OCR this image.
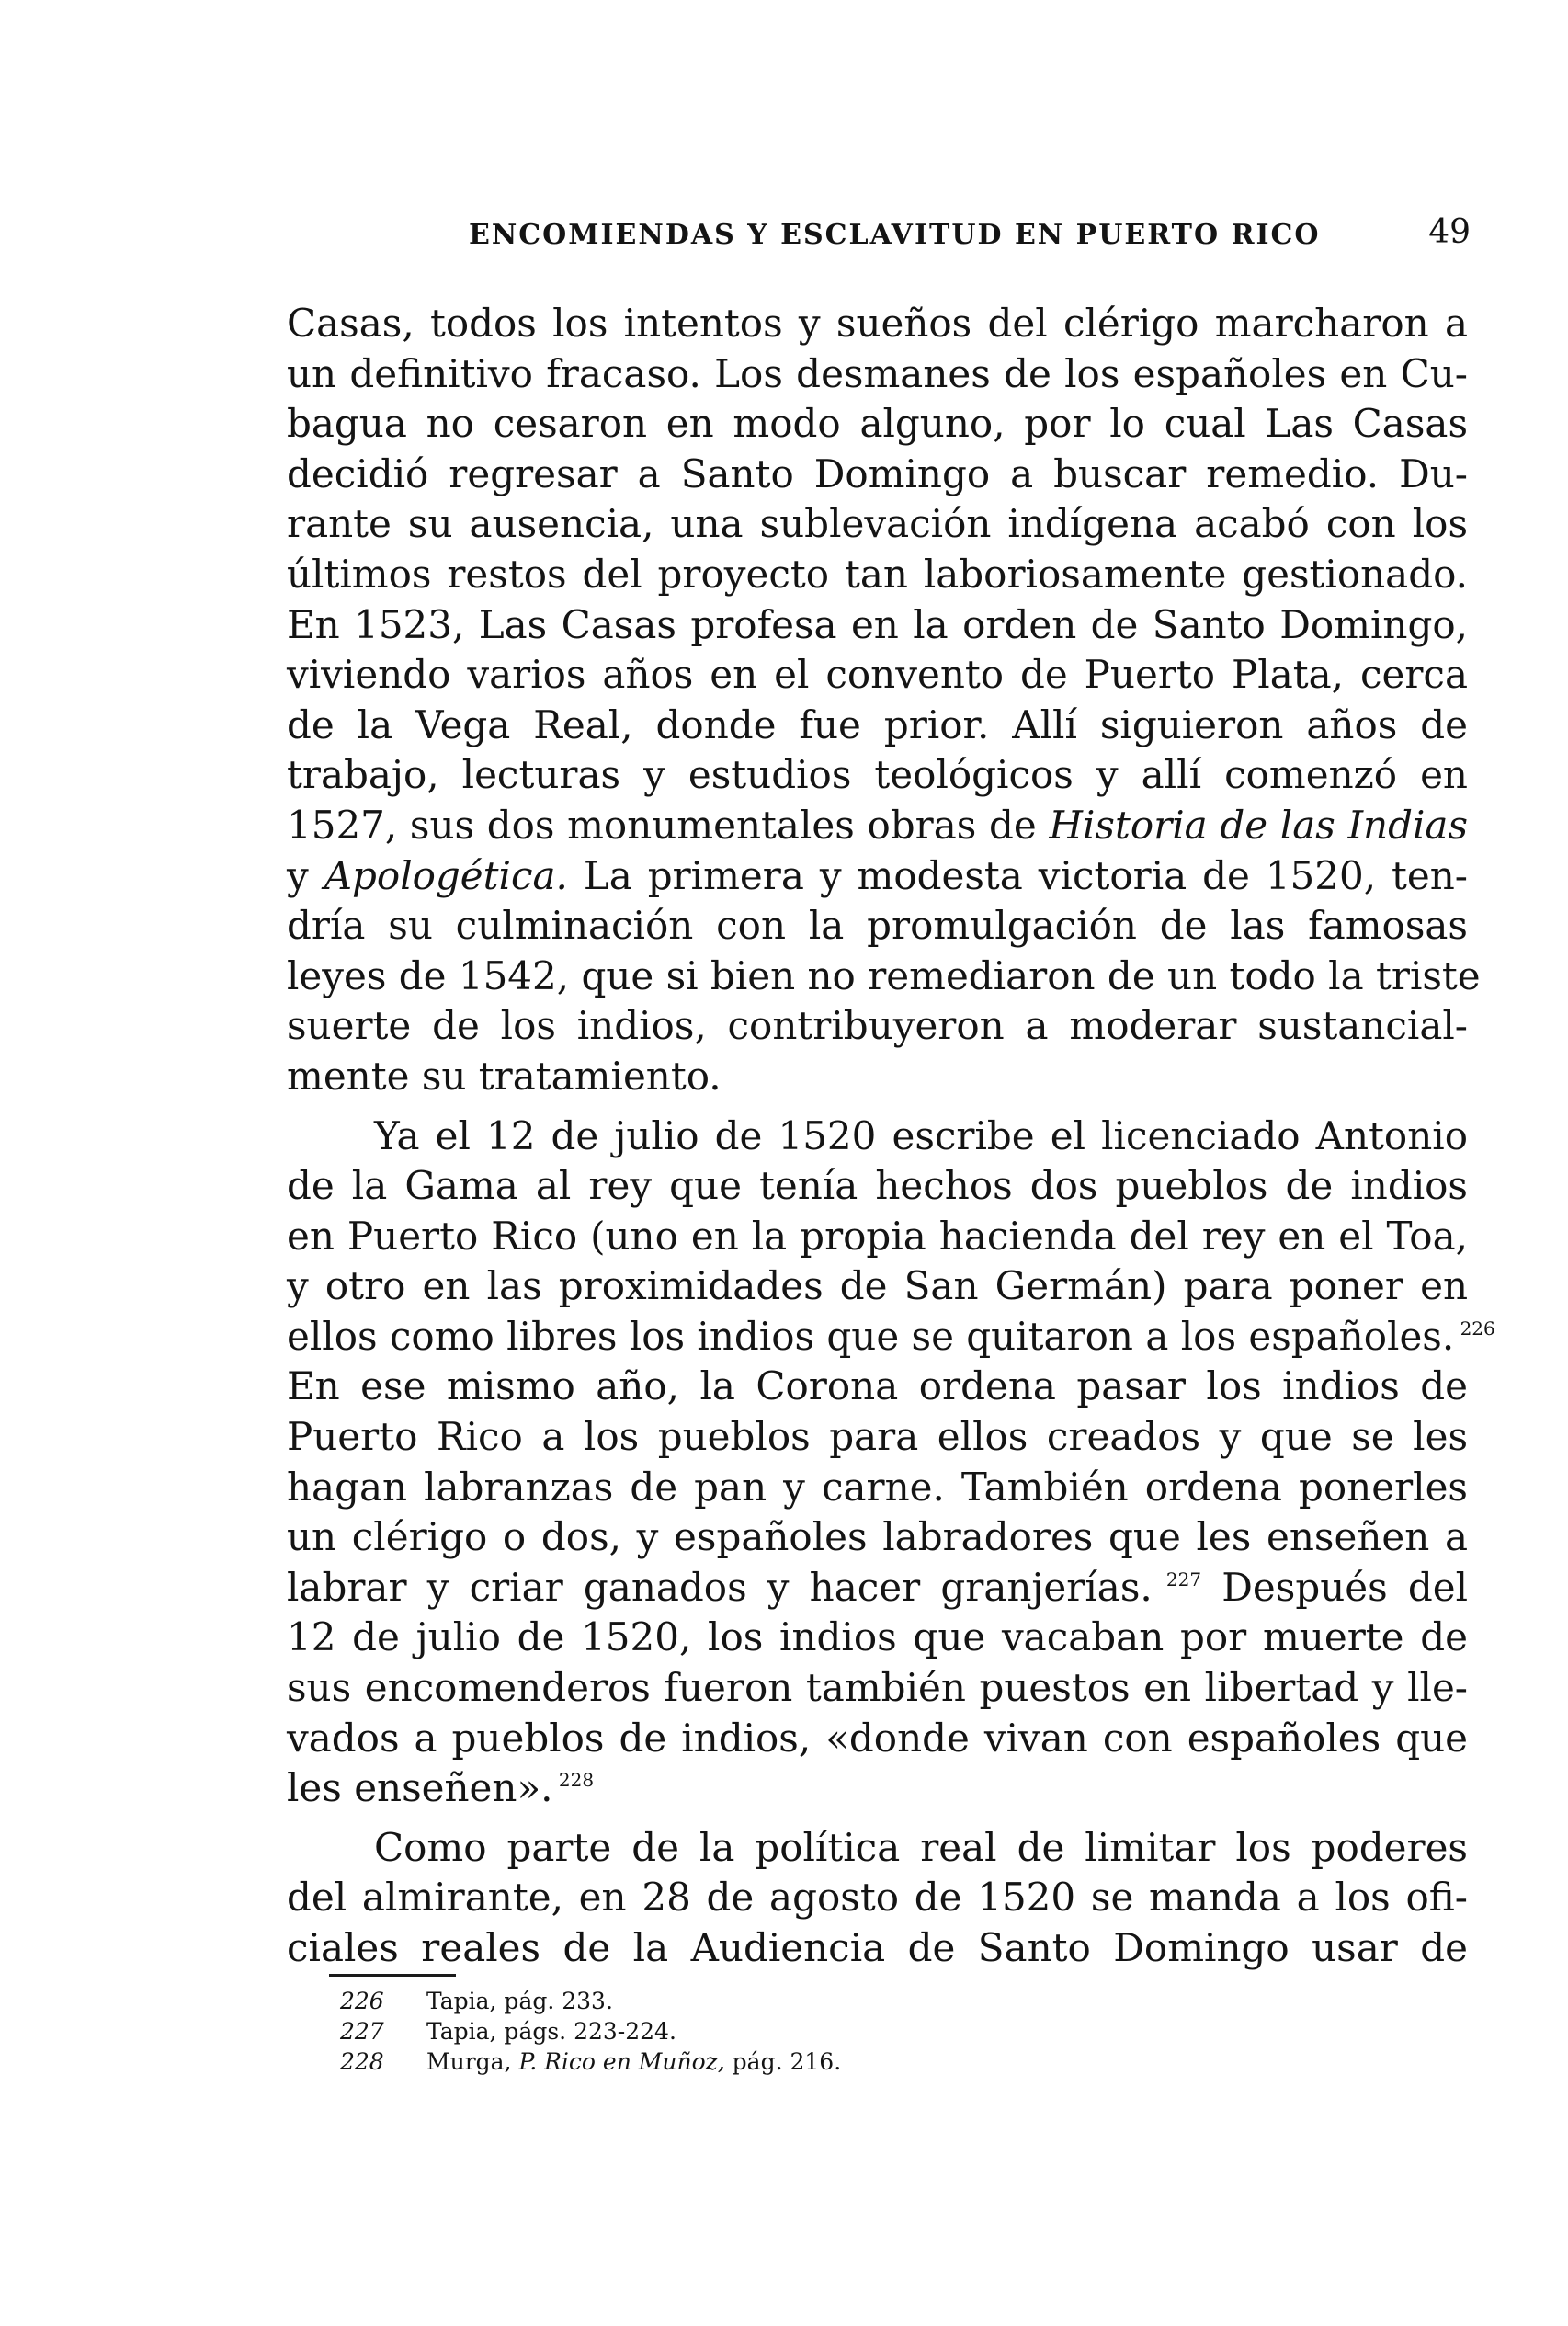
ENCOMIENDAS Y ESCLAVITUD EN PUERTO RICO	49
Casas, todos los intentos y sueños del clérigo marcharon a
un definitivo fracaso. Los desmanes de los españoles en Cu-
bagua no cesaron en modo alguno, por lo cual Las Casas
decidió regresar a Santo Domingo a buscar remedio. Du-
rante su ausencia, una sublevación indígena acabó con los
últimos restos del proyecto tan laboriosamente gestionado.
En 1523, Las Casas profesa en la orden de Santo Domingo,
viviendo varios años en el convento de Puerto Plata, cerca
de la Vega Real, donde fue prior. Allí siguieron años de
trabajo, lecturas y estudios teológicos y allí comenzó en
1527, sus dos monumentales obras de Historia de las Indias
y Apologética. La primera y modesta victoria de 1520, ten-
dría su culminación con la promulgación de las famosas
leyes de 1542, que si bien no remediaron de un todo la triste
suerte de los indios, contribuyeron a moderar sustancial-
mente su tratamiento.
Ya el 12 de julio de 1520 escribe el licenciado Antonio
de la Gama al rey que tenía hechos dos pueblos de indios
en Puerto Rico (uno en la propia hacienda del rey en el Toa,
y otro en las proximidades de San Germán) para poner en
ellos como libres los indios que se quitaron a los españoles. $^{226}$
En ese mismo año, la Corona ordena pasar los indios de
Puerto Rico a los pueblos para ellos creados y que se les
hagan labranzas de pan y carne. También ordena ponerles
un clérigo o dos, y españoles labradores que les enseñen a
labrar y criar ganados y hacer granjerías. $^{227}$ Después del
12 de julio de 1520, los indios que vacaban por muerte de
sus encomenderos fueron también puestos en libertad y lle-
vados a pueblos de indios, «donde vivan con españoles que
les enseñen». $^{228}$
Como parte de la política real de limitar los poderes
del almirante, en 28 de agosto de 1520 se manda a los ofi-
ciales reales de la Audiencia de Santo Domingo usar de
226 Tapia, pág. 233.
227 Tapia, págs. 223-224.
228 Murga, P. Rico en Muñoz, pág. 216.
